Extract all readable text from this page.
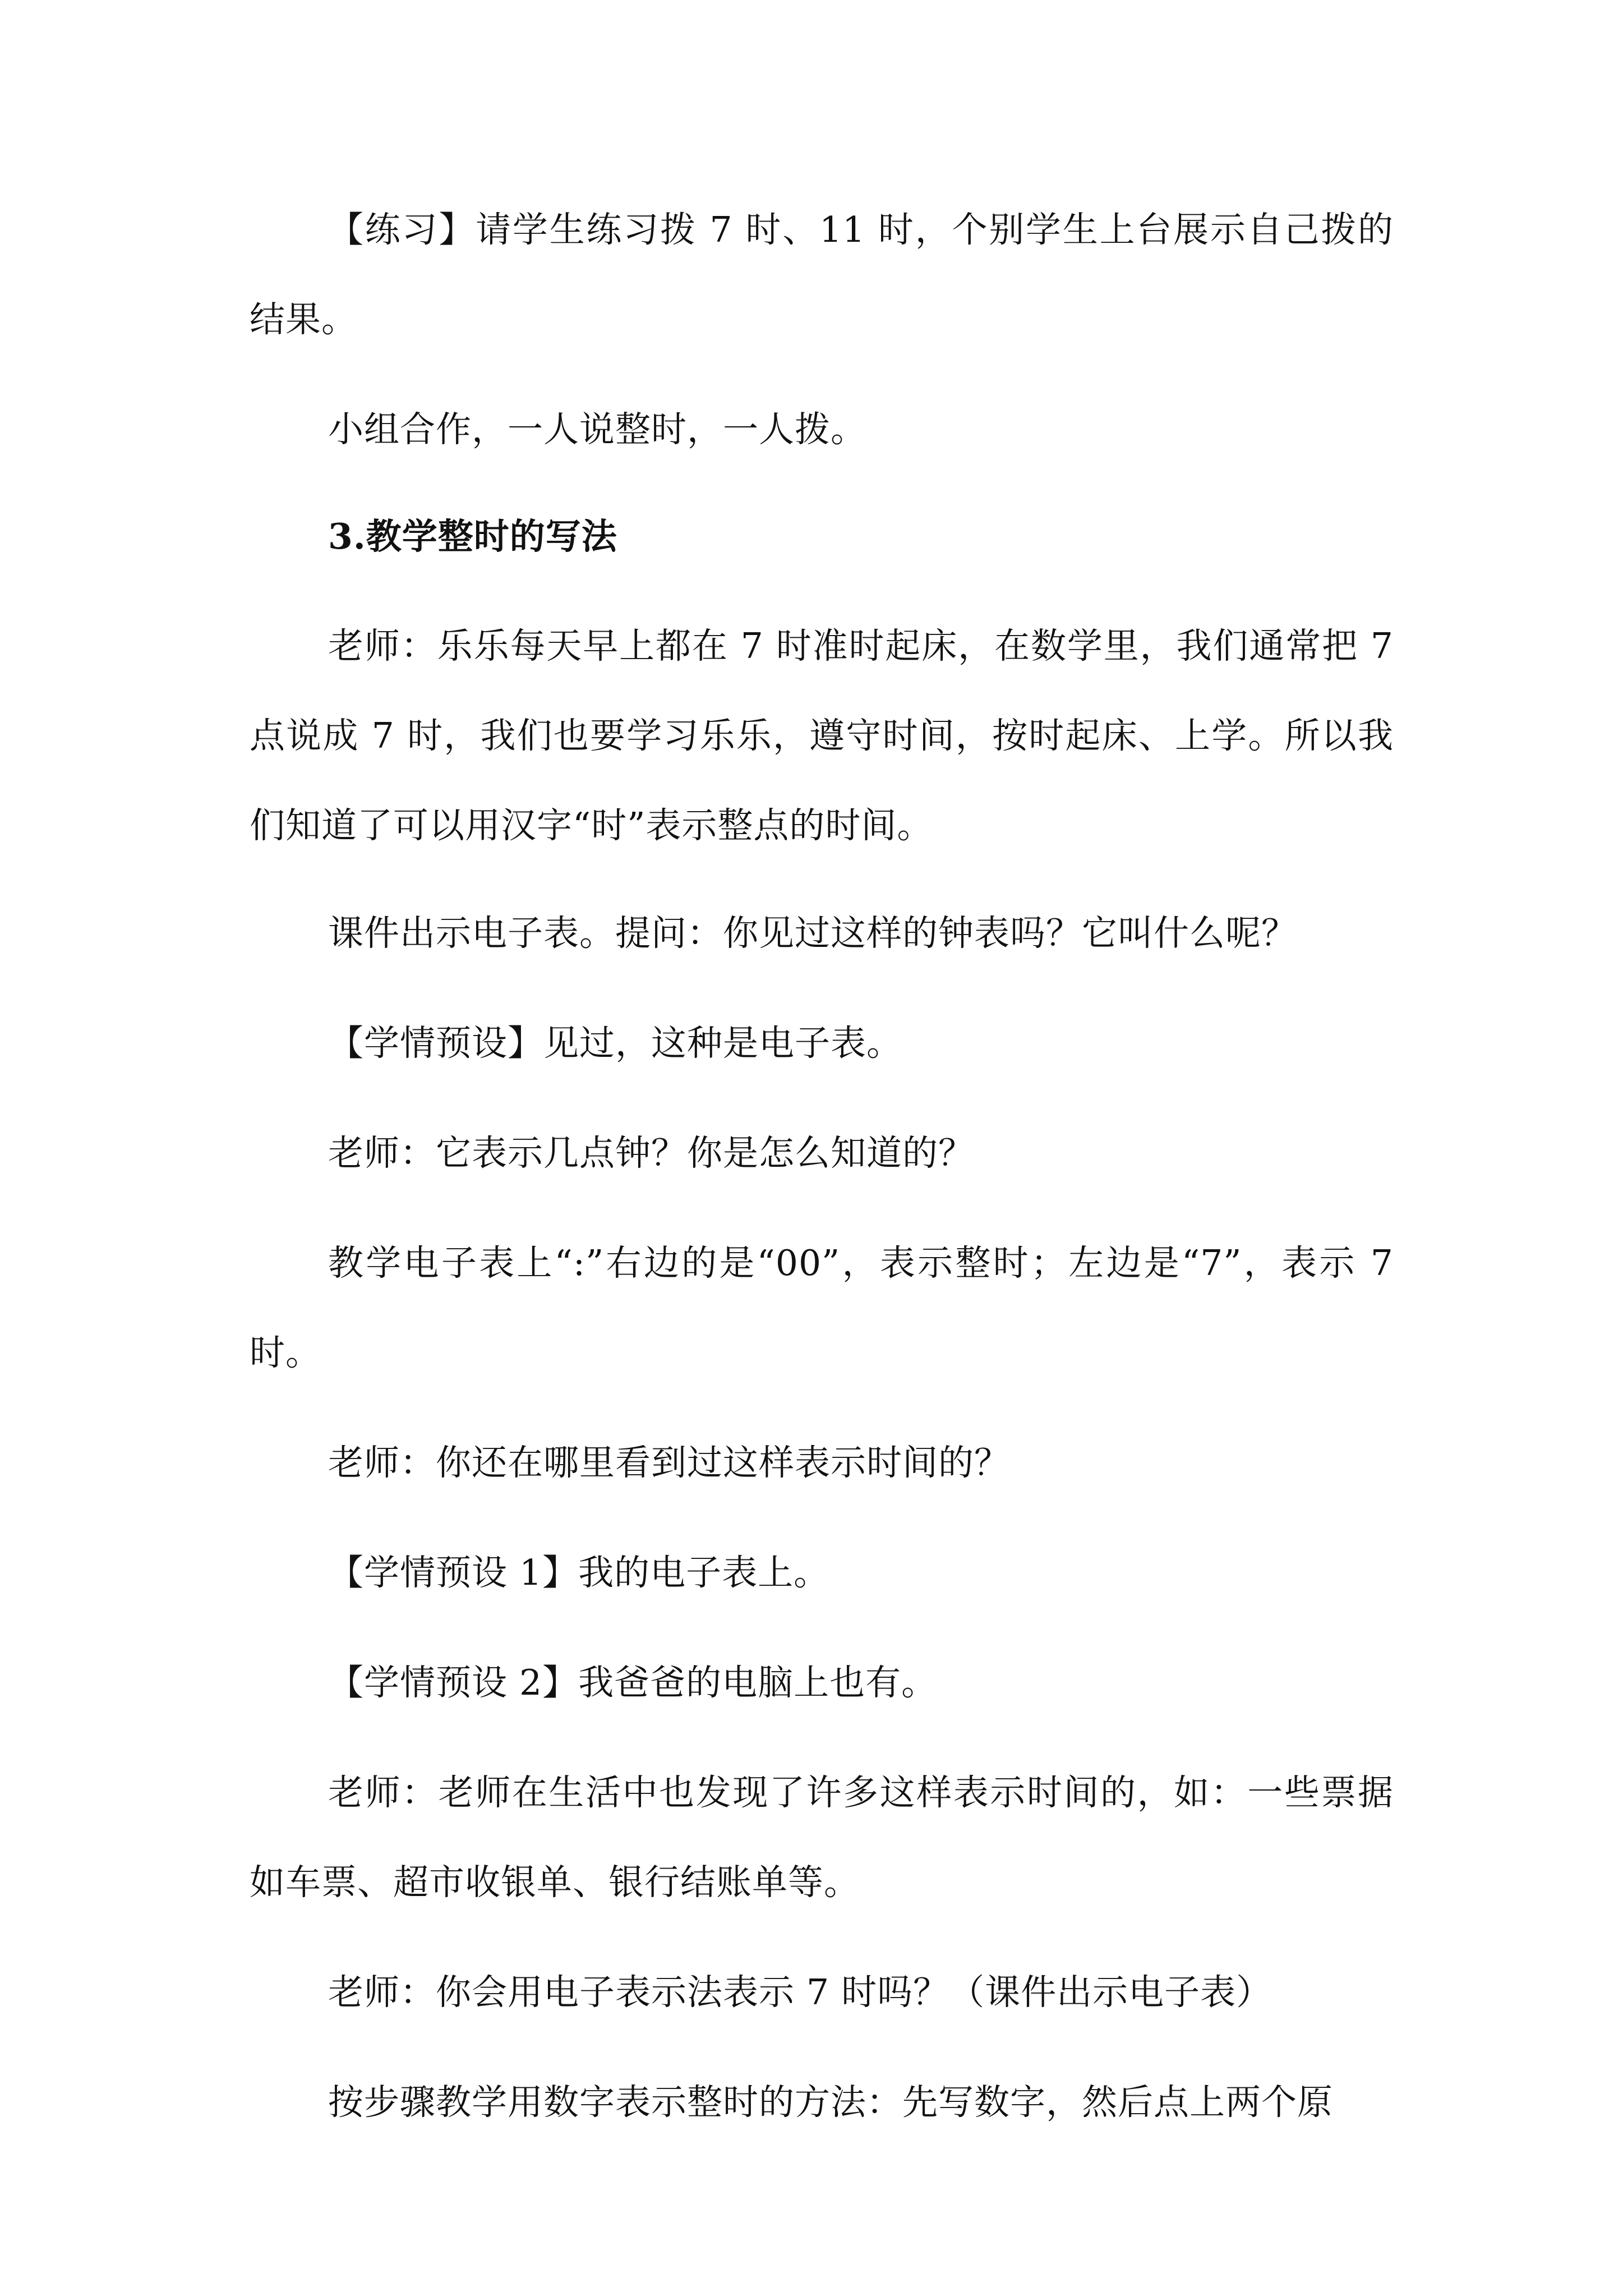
【练习】请学生练习拨 7 时、11 时，个别学生上台展示自己拨的结果。

小组合作，一人说整时，一人拨。

3.教学整时的写法

老师：乐乐每天早上都在 7 时准时起床，在数学里，我们通常把 7 点说成 7 时，我们也要学习乐乐，遵守时间，按时起床、上学。所以我们知道了可以用汉字“时”表示整点的时间。

课件出示电子表。提问：你见过这样的钟表吗？它叫什么呢？

【学情预设】见过，这种是电子表。

老师：它表示几点钟？你是怎么知道的？

教学电子表上“:”右边的是“00”，表示整时；左边是“7”，表示 7 时。

老师：你还在哪里看到过这样表示时间的？

【学情预设 1】我的电子表上。

【学情预设 2】我爸爸的电脑上也有。

老师：老师在生活中也发现了许多这样表示时间的，如：一些票据如车票、超市收银单、银行结账单等。

老师：你会用电子表示法表示 7 时吗？（课件出示电子表）

按步骤教学用数字表示整时的方法：先写数字，然后点上两个原
